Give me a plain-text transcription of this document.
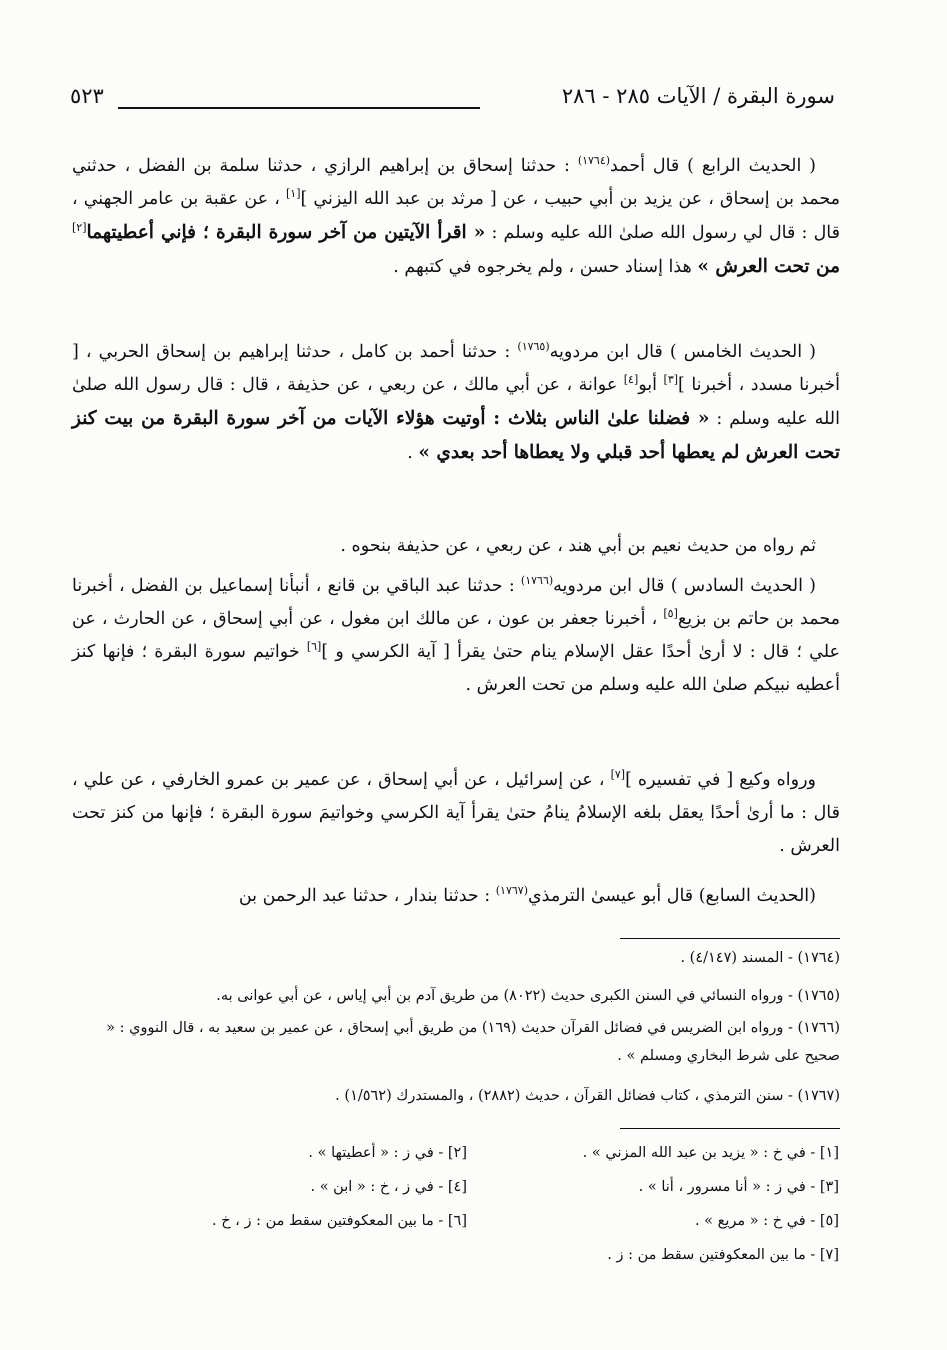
سورة البقرة / الآيات ٢٨٥ - ٢٨٦
٥٢٣

( الحديث الرابع ) قال أحمد$^{(١٧٦٤)}$ : حدثنا إسحاق بن إبراهيم الرازي ، حدثنا سلمة بن الفضل ، حدثني محمد بن إسحاق ، عن يزيد بن أبي حبيب ، عن [ مرثد بن عبد الله اليزني ][١] ، عن عقبة بن عامر الجهني ، قال : قال لي رسول الله صلىٰ الله عليه وسلم : « اقرأ الآيتين من آخر سورة البقرة ؛ فإني أعطيتهما[٢] من تحت العرش » هذا إسناد حسن ، ولم يخرجوه في كتبهم .

( الحديث الخامس ) قال ابن مردويه$^{(١٧٦٥)}$ : حدثنا أحمد بن كامل ، حدثنا إبراهيم بن إسحاق الحربي ، [ أخبرنا مسدد ، أخبرنا ][٣] أبو[٤] عوانة ، عن أبي مالك ، عن ربعي ، عن حذيفة ، قال : قال رسول الله صلىٰ الله عليه وسلم : « فضلنا علىٰ الناس بثلاث : أوتيت هؤلاء الآيات من آخر سورة البقرة من بيت كنز تحت العرش لم يعطها أحد قبلي ولا يعطاها أحد بعدي » .

ثم رواه من حديث نعيم بن أبي هند ، عن ربعي ، عن حذيفة بنحوه .

( الحديث السادس ) قال ابن مردويه$^{(١٧٦٦)}$ : حدثنا عبد الباقي بن قانع ، أنبأنا إسماعيل بن الفضل ، أخبرنا محمد بن حاتم بن بزيع[٥] ، أخبرنا جعفر بن عون ، عن مالك ابن مغول ، عن أبي إسحاق ، عن الحارث ، عن علي ؛ قال : لا أرىٰ أحدًا عقل الإسلام ينام حتىٰ يقرأ [ آية الكرسي و ][٦] خواتيم سورة البقرة ؛ فإنها كنز أعطيه نبيكم صلىٰ الله عليه وسلم من تحت العرش .

ورواه وكيع [ في تفسيره ][٧] ، عن إسرائيل ، عن أبي إسحاق ، عن عمير بن عمرو الخارفي ، عن علي ، قال : ما أرىٰ أحدًا يعقل بلغه الإسلامُ ينامُ حتىٰ يقرأ آية الكرسي وخواتيمَ سورة البقرة ؛ فإنها من كنز تحت العرش .

(الحديث السابع) قال أبو عيسىٰ الترمذي$^{(١٧٦٧)}$ : حدثنا بندار ، حدثنا عبد الرحمن بن

(١٧٦٤) - المسند (٤/١٤٧) .

(١٧٦٥) - ورواه النسائي في السنن الكبرى حديث (٨٠٢٢) من طريق آدم بن أبي إياس ، عن أبي عوانى به.

(١٧٦٦) - ورواه ابن الضريس في فضائل القرآن حديث (١٦٩) من طريق أبي إسحاق ، عن عمير بن سعيد به ، قال النووي : « صحيح على شرط البخاري ومسلم » .

(١٧٦٧) - سنن الترمذي ، كتاب فضائل القرآن ، حديث (٢٨٨٢) ، والمستدرك (١/٥٦٢) .

[١] - في خ : « يزيد بن عبد الله المزني » .
[٢] - في ز : « أعطيتها » .
[٣] - في ز : « أنا مسرور ، أنا » .
[٤] - في ز ، خ : « ابن » .
[٥] - في خ : « مريع » .
[٦] - ما بين المعكوفتين سقط من : ز ، خ .
[٧] - ما بين المعكوفتين سقط من : ز .
